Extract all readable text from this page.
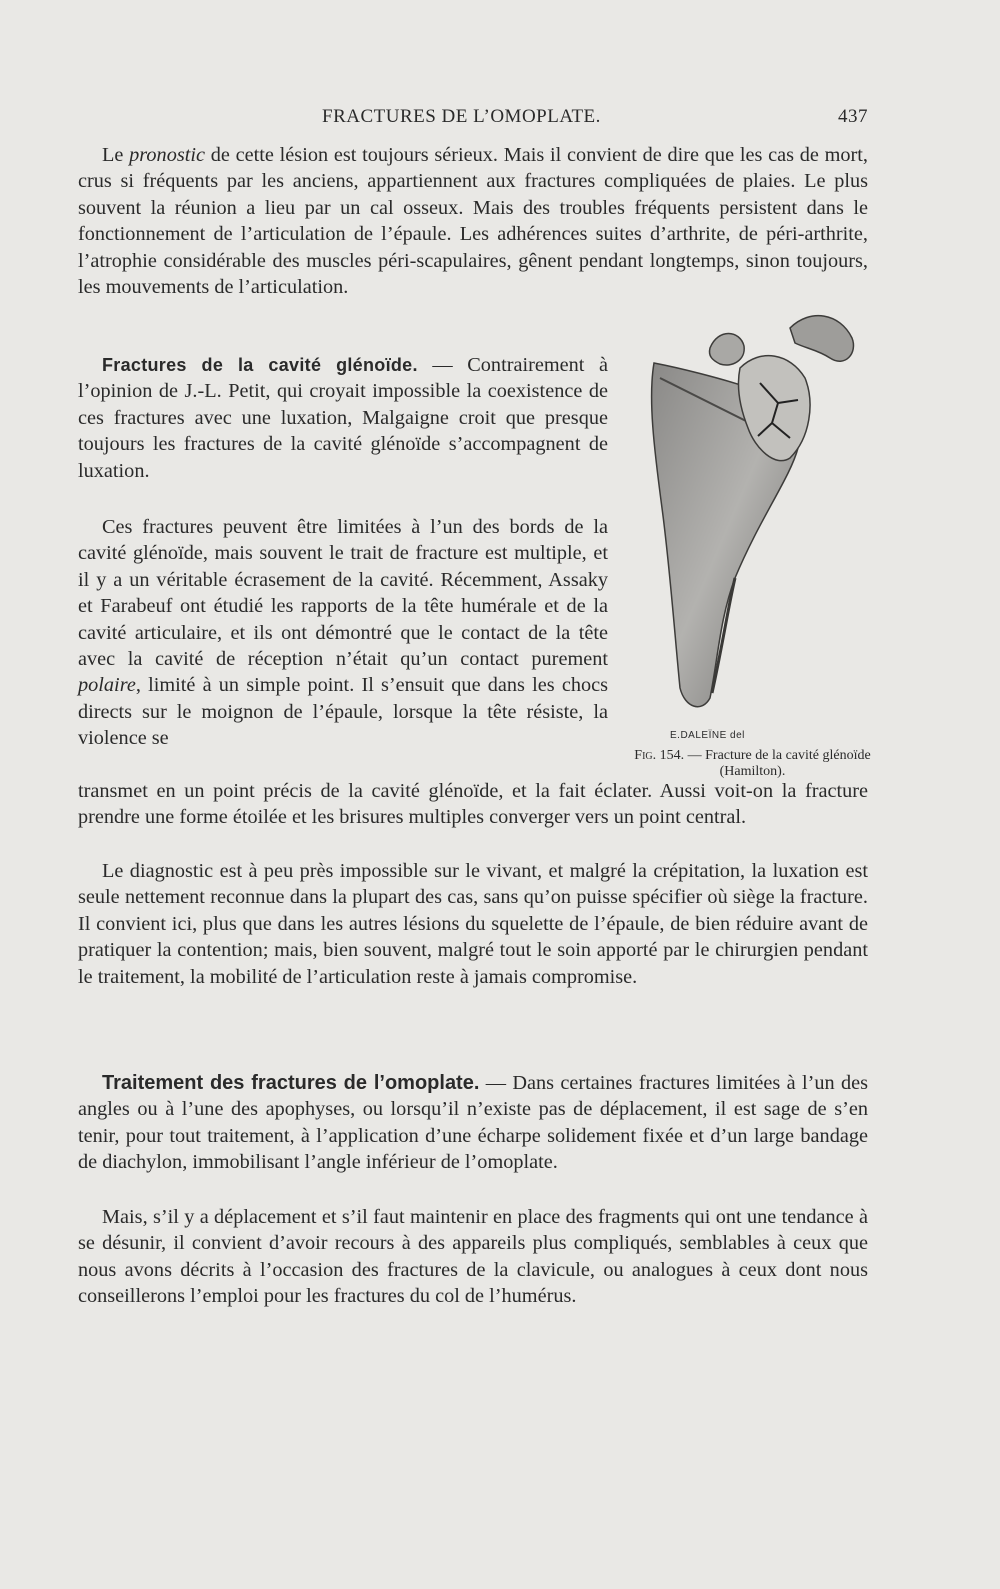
FRACTURES DE L’OMOPLATE.	437

Le pronostic de cette lésion est toujours sérieux. Mais il convient de dire que les cas de mort, crus si fréquents par les anciens, appartiennent aux fractures compliquées de plaies. Le plus souvent la réunion a lieu par un cal osseux. Mais des troubles fréquents persistent dans le fonctionnement de l’articulation de l’épaule. Les adhérences suites d’arthrite, de péri-arthrite, l’atrophie considérable des muscles péri-scapulaires, gênent pendant longtemps, sinon toujours, les mouvements de l’articulation.

Fractures de la cavité glénoïde. — Contrairement à l’opinion de J.-L. Petit, qui croyait impossible la coexistence de ces fractures avec une luxation, Malgaigne croit que presque toujours les fractures de la cavité glénoïde s’accompagnent de luxation.

Ces fractures peuvent être limitées à l’un des bords de la cavité glénoïde, mais souvent le trait de fracture est multiple, et il y a un véritable écrasement de la cavité. Récemment, Assaky et Farabeuf ont étudié les rapports de la tête humérale et de la cavité articulaire, et ils ont démontré que le contact de la tête avec la cavité de réception n’était qu’un contact purement polaire, limité à un simple point. Il s’ensuit que dans les chocs directs sur le moignon de l’épaule, lorsque la tête résiste, la violence se

transmet en un point précis de la cavité glénoïde, et la fait éclater. Aussi voit-on la fracture prendre une forme étoilée et les brisures multiples converger vers un point central.

Le diagnostic est à peu près impossible sur le vivant, et malgré la crépitation, la luxation est seule nettement reconnue dans la plupart des cas, sans qu’on puisse spécifier où siège la fracture. Il convient ici, plus que dans les autres lésions du squelette de l’épaule, de bien réduire avant de pratiquer la contention; mais, bien souvent, malgré tout le soin apporté par le chirurgien pendant le traitement, la mobilité de l’articulation reste à jamais compromise.

Traitement des fractures de l’omoplate. — Dans certaines fractures limitées à l’un des angles ou à l’une des apophyses, ou lorsqu’il n’existe pas de déplacement, il est sage de s’en tenir, pour tout traitement, à l’application d’une écharpe solidement fixée et d’un large bandage de diachylon, immobilisant l’angle inférieur de l’omoplate.

Mais, s’il y a déplacement et s’il faut maintenir en place des fragments qui ont une tendance à se désunir, il convient d’avoir recours à des appareils plus compliqués, semblables à ceux que nous avons décrits à l’occasion des fractures de la clavicule, ou analogues à ceux dont nous conseillerons l’emploi pour les fractures du col de l’humérus.

E.DALEÏNE del
Fig. 154. — Fracture de la cavité glénoïde (Hamilton).
